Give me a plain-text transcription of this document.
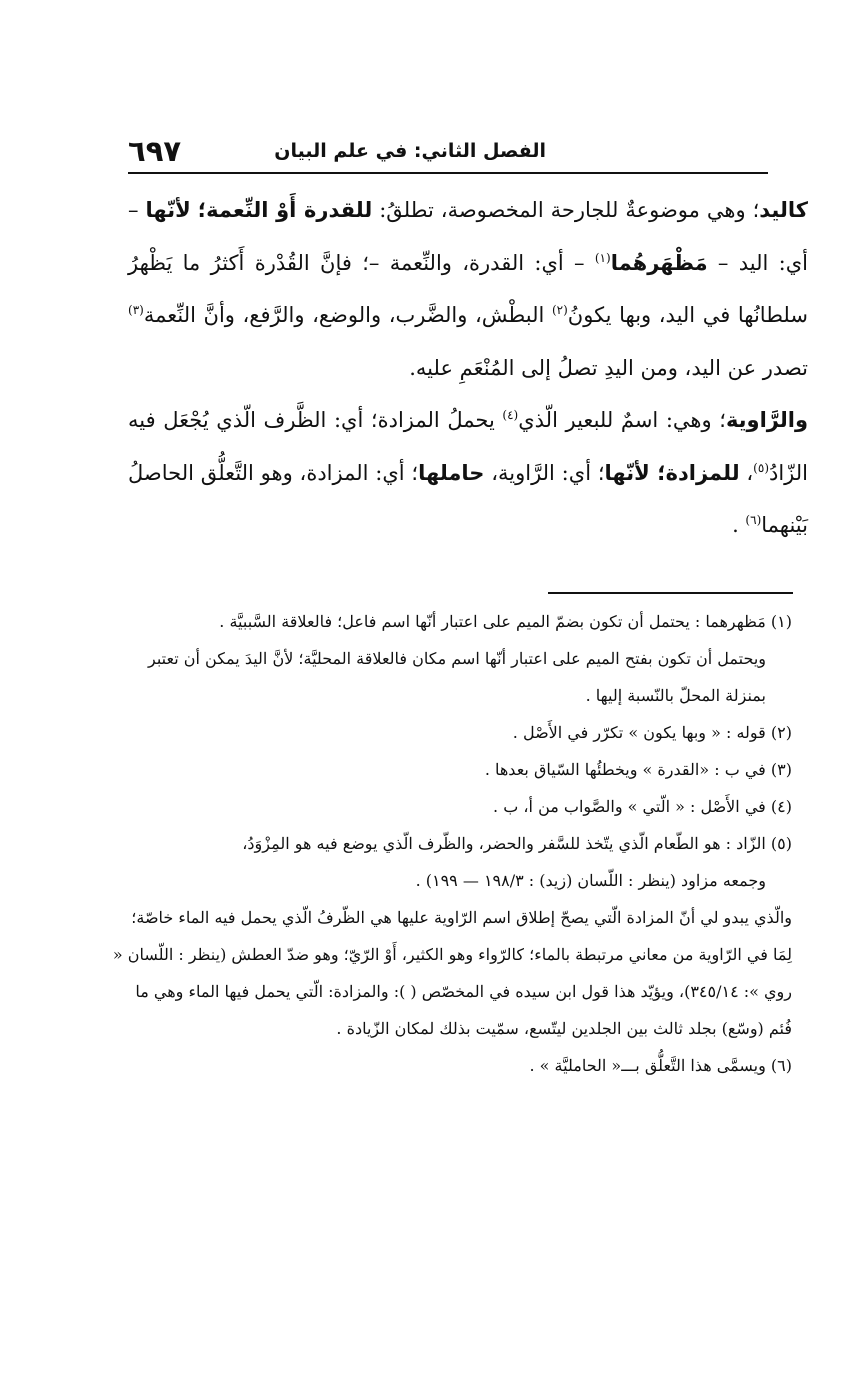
الفصل الثاني: في علم البيان
٦٩٧

كاليد؛ وهي موضوعةٌ للجارحة المخصوصة، تطلقُ: للقدرة أَوْ النِّعمة؛ لأنّها – أي: اليد – مَظْهَرهُما$^{(١)}$ – أي: القدرة، والنِّعمة –؛ فإنَّ القُدْرة أَكثرُ ما يَظْهرُ سلطانُها في اليد، وبها يكونُ$^{(٢)}$ البطْش، والضَّرب، والوضع، والرَّفع، وأنَّ النِّعمة$^{(٣)}$ تصدر عن اليد، ومن اليدِ تصلُ إلى المُنْعَمِ عليه.

والرَّاوية؛ وهي: اسمٌ للبعير الّذي$^{(٤)}$ يحملُ المزادة؛ أي: الظَّرف الّذي يُجْعَل فيه الزّادُ$^{(٥)}$، للمزادة؛ لأنّها؛ أي: الرَّاوية، حاملها؛ أي: المزادة، وهو التَّعلُّق الحاصلُ بَيْنهما$^{(٦)}$ .

(١) مَظهرهما : يحتمل أن تكون بضمّ الميم على اعتبار أنّها اسم فاعل؛ فالعلاقة السَّببيَّة .

ويحتمل أن تكون بفتح الميم على اعتبار أنّها اسم مكان فالعلاقة المحليَّة؛ لأنَّ اليدَ يمكن أن تعتبر بمنزلة المحلّ بالنّسبة إليها .

(٢) قوله : « وبها يكون » تكرّر في الأَصْل .

(٣) في ب : «القدرة » ويخطئُها السّياق بعدها .

(٤) في الأَصْل : « الّتي » والصَّواب من أ، ب .

(٥) الزّاد : هو الطّعام الّذي يتّخذ للسَّفر والحضر، والظّرف الّذي يوضع فيه هو المِزْوَدُ،

وجمعه مزاود (ينظر : اللّسان (زيد) : ١٩٨/٣ — ١٩٩) .

والّذي يبدو لي أنّ المزادة الّتي يصحّ إطلاق اسم الرّاوية عليها هي الظّرفُ الّذي يحمل فيه الماء خاصّة؛ لِمَا في الرّاوية من معاني مرتبطة بالماء؛ كالرّواء وهو الكثير، أَوْ الرّيّ؛ وهو ضدّ العطش (ينظر : اللّسان « روي »: ٣٤٥/١٤)، ويؤيّد هذا قول ابن سيده في المخصّص ( ): والمزادة: الّتي يحمل فيها الماء وهي ما فُئم (وسّع) بجلد ثالث بين الجلدين ليتّسع، سمّيت بذلك لمكان الزّيادة .

(٦) ويسمَّى هذا التَّعلُّق بـــ« الحامليَّة » .
